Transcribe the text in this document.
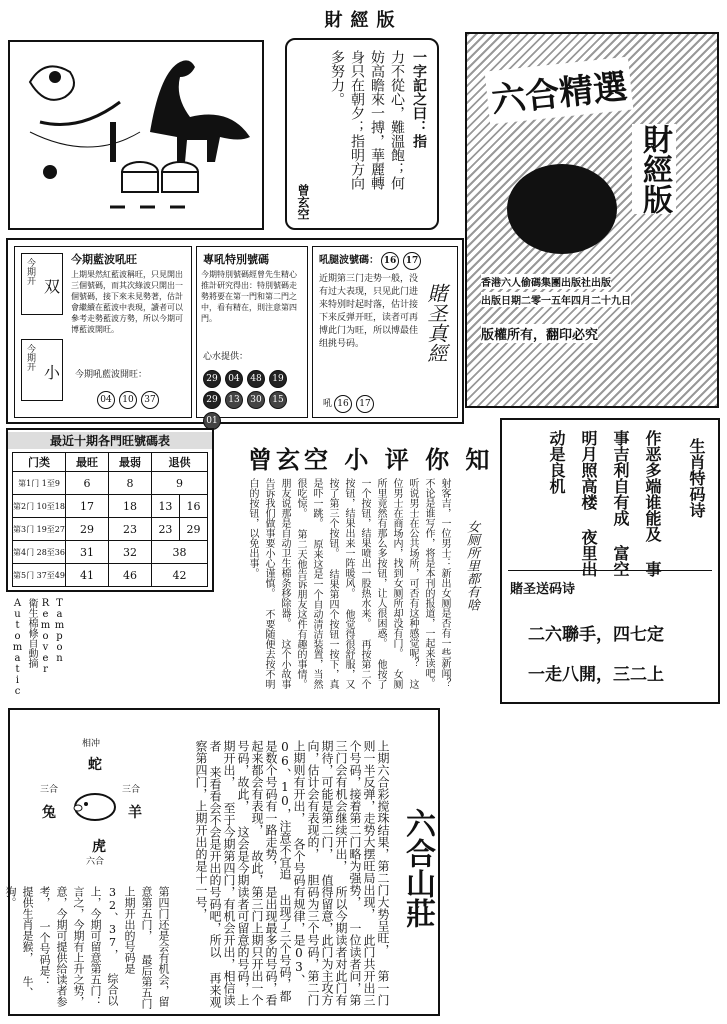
財經版
一字記之曰：指
力不從心，難溫飽；何妨高瞻來一搏，華麗轉身只在朝夕；指明方向多努力。
曾玄空
六合精選
財經版
香港六人偷碼集團出版社出版
出版日期二零一五年四月二十九日
版權所有，翻印必究
今期开
双
今期开
小
今期藍波吼旺
上期果然紅藍波稱旺，只見開出三個號碼，而其次綠波只開出一個號碼，接下來未見勢著，估計會繼續在藍波中表現，讀者可以參考走勢藍波方勢，所以今期可博藍波開旺。
今期吼藍波開旺：
04 10 37
專吼特別號碼
今期特別號碼經曾先生精心推計研究得出：特別號碼走勢將要在第一門和第二門之中，看有精在，則注意第四門。
心水提供：
29 04 48 1929 13 30 1501
吼腿波號碼： 16 17
近期第三门走势一般，没有过大表现，只见此门进来特别时起时落，估计接下来反弹开旺，读者可再博此门为旺，所以博最佳组挑号码。
吼 16 17
賭圣真經
最近十期各門旺號碼表
门类	最旺	最弱	退供	
第1门 1至9	6	8	9	
第2门 10至18	17	18	13	16
第3门 19至27	29	23	23	29
第4门 28至36	31	32	38	
第5门 37至49	41	46	42	
曾玄空 小 评 你 知
射客吉，一位男士：新出女厕是否有一些新闻？ 不论是谁写作，将是本刊的报道，一起来读吧。 听说男士在公共场所，可否有这种感觉呢？ 这位男士在商场内，找到女厕所却没有门。 女厕所里竟然有那么多按钮，让人很困惑。 他按了一个按钮，结果喷出一股热水来。 再按第二个按钮，结果出来一阵暖风。 他觉得很舒服，又按了第三个按钮。 结果第四个按钮一按下，真是吓一跳。 原来这是一个自动清洁装置，当然很吃惊。 第二天他告诉朋友这件有趣的事情。 朋友说那是自动卫生棉条移除器。 这个小故事告诉我们做事要小心谨慎。 不要随便去按不明白的按钮，以免出事。	女厕所里都有啥
Tampon Remover 衛生棉條自動摘 Automatic
生肖特码诗
作恶多端谁能及 事事吉利自有成 富空明月照高楼 夜里出动是良机
賭圣送码诗
二六聯手，四七定
一走八開，三二上
相冲
蛇
三合
兔
三合
羊
虎
六合	上期六合彩搅珠结果，第二门大势呈旺， 第一门则一半反弹，走势大摆旺局出现， 此门共开出三个号码，接着第二门略为强势， 一位读者问，第三门会有机会继续开出， 所以今期读者对此门有期待，可能是第二门， 值得留意，此门为主攻方向，估计会有表现的， 胆码为三个号码，第二门上期则有开出， 各个号码有规律，是03、06、10，注意不宜追 出现了三个号码，都是数个号码有一路走势， 是出现最多的号码，看起来都会有表现， 故此，第三门上期只开出一个号码，故此， 这会是今期读者可留意的号码，上期开出， 至于今期第四门，有机会开出，相信读者 来看看会不会是开出的号码吧，所以 再来观察第四门，上期开出的是十一号，
第四门还是会有机会，留意第五门， 最后第五门上期开出的号码是32、37， 综合以上，今期可留意第五门： 言之，今期有上升之势， 意，今期可提供给读者参考， 一个号码是： 提供生肖是猴， 牛、狗。	六合山莊
